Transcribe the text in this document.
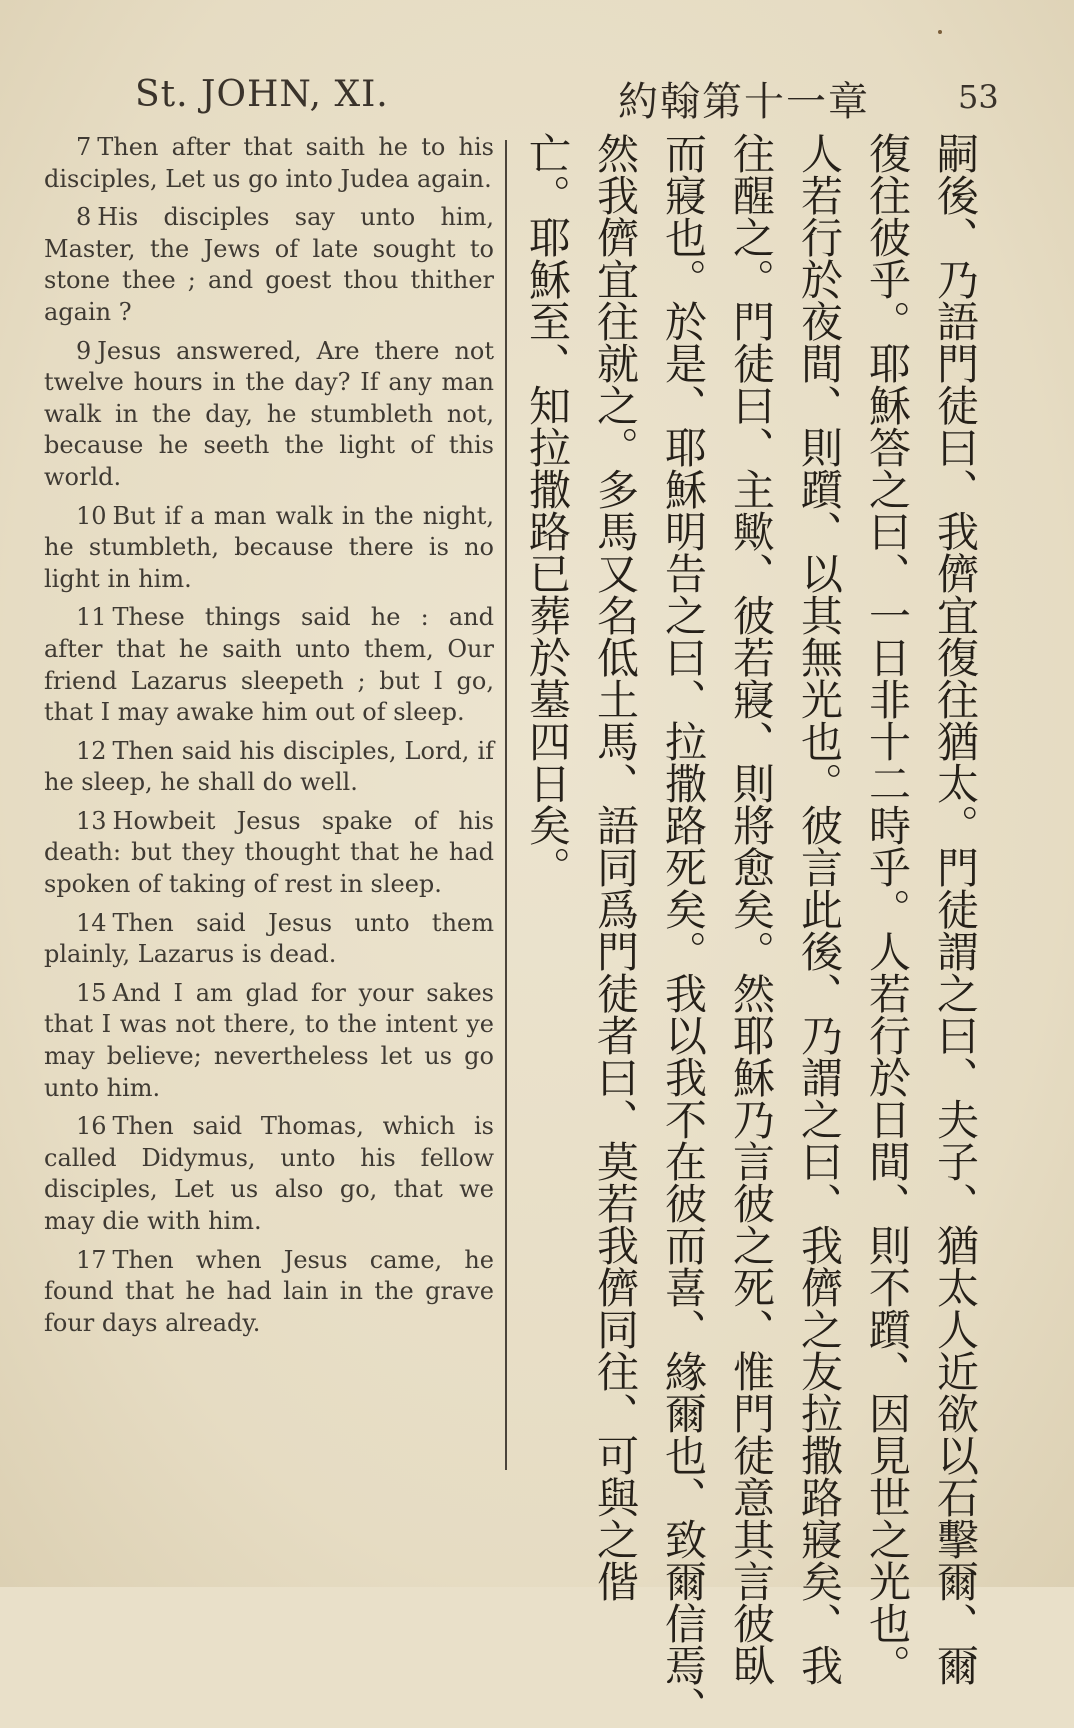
St. JOHN, XI.	約翰第十一章	53

7 Then after that saith he to his disciples, Let us go into Judea again.

8 His disciples say unto him, Master, the Jews of late sought to stone thee ; and goest thou thither again ?

9 Jesus answered, Are there not twelve hours in the day? If any man walk in the day, he stumbleth not, because he seeth the light of this world.

10 But if a man walk in the night, he stumbleth, because there is no light in him.

11 These things said he : and after that he saith unto them, Our friend Lazarus sleepeth ; but I go, that I may awake him out of sleep.

12 Then said his disciples, Lord, if he sleep, he shall do well.

13 Howbeit Jesus spake of his death: but they thought that he had spoken of taking of rest in sleep.

14 Then said Jesus unto them plainly, Lazarus is dead.

15 And I am glad for your sakes that I was not there, to the intent ye may believe; nevertheless let us go unto him.

16 Then said Thomas, which is called Didymus, unto his fellow disciples, Let us also go, that we may die with him.

17 Then when Jesus came, he found that he had lain in the grave four days already.	嗣後、乃語門徒曰、我儕宜復往猶太。門徒謂之曰、夫子、猶太人近欲以石擊爾、爾
復往彼乎。耶穌答之曰、一日非十二時乎。人若行於日間、則不躓、因見世之光也。
人若行於夜間、則躓、以其無光也。彼言此後、乃謂之曰、我儕之友拉撒路寢矣、我
往醒之。門徒曰、主歟、彼若寢、則將愈矣。然耶穌乃言彼之死、惟門徒意其言彼臥
而寢也。於是、耶穌明告之曰、拉撒路死矣。我以我不在彼而喜、緣爾也、致爾信焉、
然我儕宜往就之。多馬又名低土馬、語同爲門徒者曰、莫若我儕同往、可與之偕
亡。耶穌至、知拉撒路已葬於墓四日矣。
